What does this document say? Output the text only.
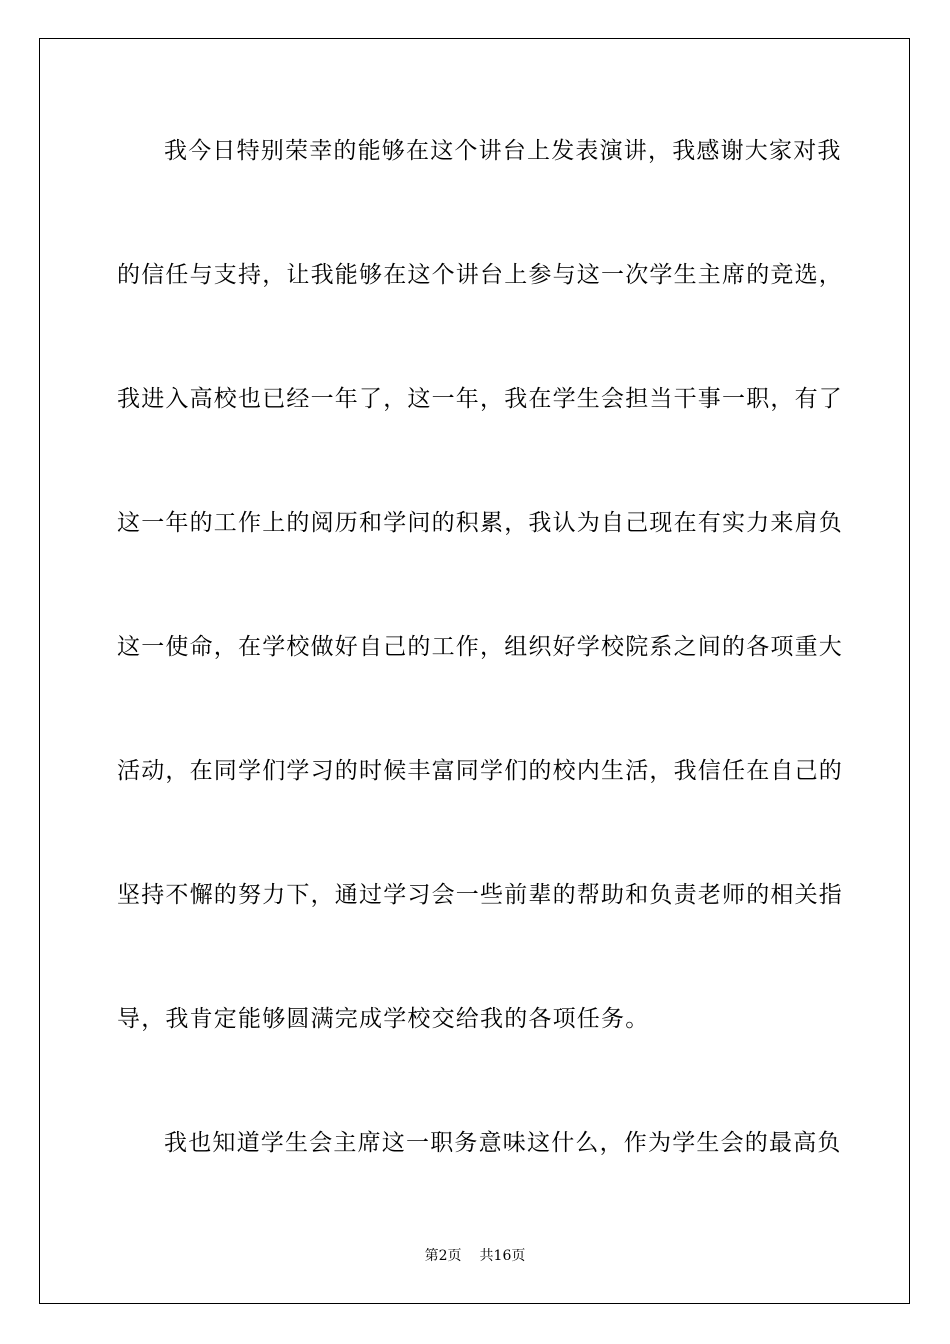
我今日特别荣幸的能够在这个讲台上发表演讲，我感谢大家对我
的信任与支持，让我能够在这个讲台上参与这一次学生主席的竞选，
我进入高校也已经一年了，这一年，我在学生会担当干事一职，有了
这一年的工作上的阅历和学问的积累，我认为自己现在有实力来肩负
这一使命，在学校做好自己的工作，组织好学校院系之间的各项重大
活动，在同学们学习的时候丰富同学们的校内生活，我信任在自己的
坚持不懈的努力下，通过学习会一些前辈的帮助和负责老师的相关指
导，我肯定能够圆满完成学校交给我的各项任务。
我也知道学生会主席这一职务意味这什么，作为学生会的最高负
第2页 共16页
